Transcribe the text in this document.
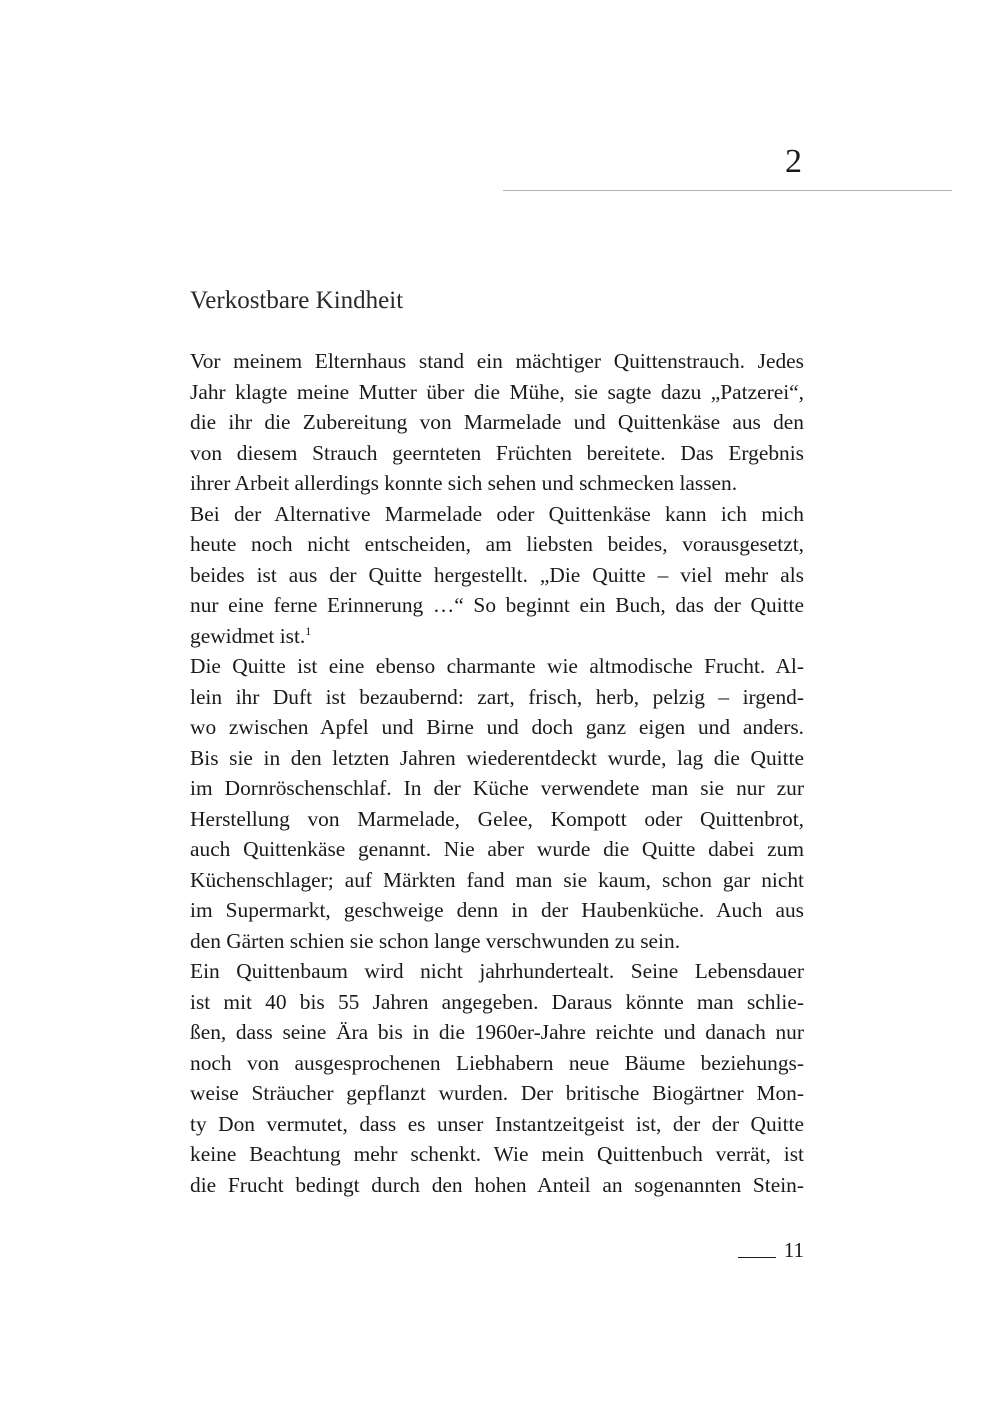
2
Verkostbare Kindheit
Vor meinem Elternhaus stand ein mächtiger Quittenstrauch. Jedes
Jahr klagte meine Mutter über die Mühe, sie sagte dazu „Patzerei“,
die ihr die Zubereitung von Marmelade und Quittenkäse aus den
von diesem Strauch geernteten Früchten bereitete. Das Ergebnis
ihrer Arbeit allerdings konnte sich sehen und schmecken lassen.
Bei der Alternative Marmelade oder Quittenkäse kann ich mich
heute noch nicht entscheiden, am liebsten beides, vorausgesetzt,
beides ist aus der Quitte hergestellt. „Die Quitte – viel mehr als
nur eine ferne Erinnerung …“ So beginnt ein Buch, das der Quitte
gewidmet ist.$^1$
Die Quitte ist eine ebenso charmante wie altmodische Frucht. Al-
lein ihr Duft ist bezaubernd: zart, frisch, herb, pelzig – irgend-
wo zwischen Apfel und Birne und doch ganz eigen und anders.
Bis sie in den letzten Jahren wiederentdeckt wurde, lag die Quitte
im Dornröschenschlaf. In der Küche verwendete man sie nur zur
Herstellung von Marmelade, Gelee, Kompott oder Quittenbrot,
auch Quittenkäse genannt. Nie aber wurde die Quitte dabei zum
Küchenschlager; auf Märkten fand man sie kaum, schon gar nicht
im Supermarkt, geschweige denn in der Haubenküche. Auch aus
den Gärten schien sie schon lange verschwunden zu sein.
Ein Quittenbaum wird nicht jahrhundertealt. Seine Lebensdauer
ist mit 40 bis 55 Jahren angegeben. Daraus könnte man schlie-
ßen, dass seine Ära bis in die 1960er-Jahre reichte und danach nur
noch von ausgesprochenen Liebhabern neue Bäume beziehungs-
weise Sträucher gepflanzt wurden. Der britische Biogärtner Mon-
ty Don vermutet, dass es unser Instantzeitgeist ist, der der Quitte
keine Beachtung mehr schenkt. Wie mein Quittenbuch verrät, ist
die Frucht bedingt durch den hohen Anteil an sogenannten Stein-
11
